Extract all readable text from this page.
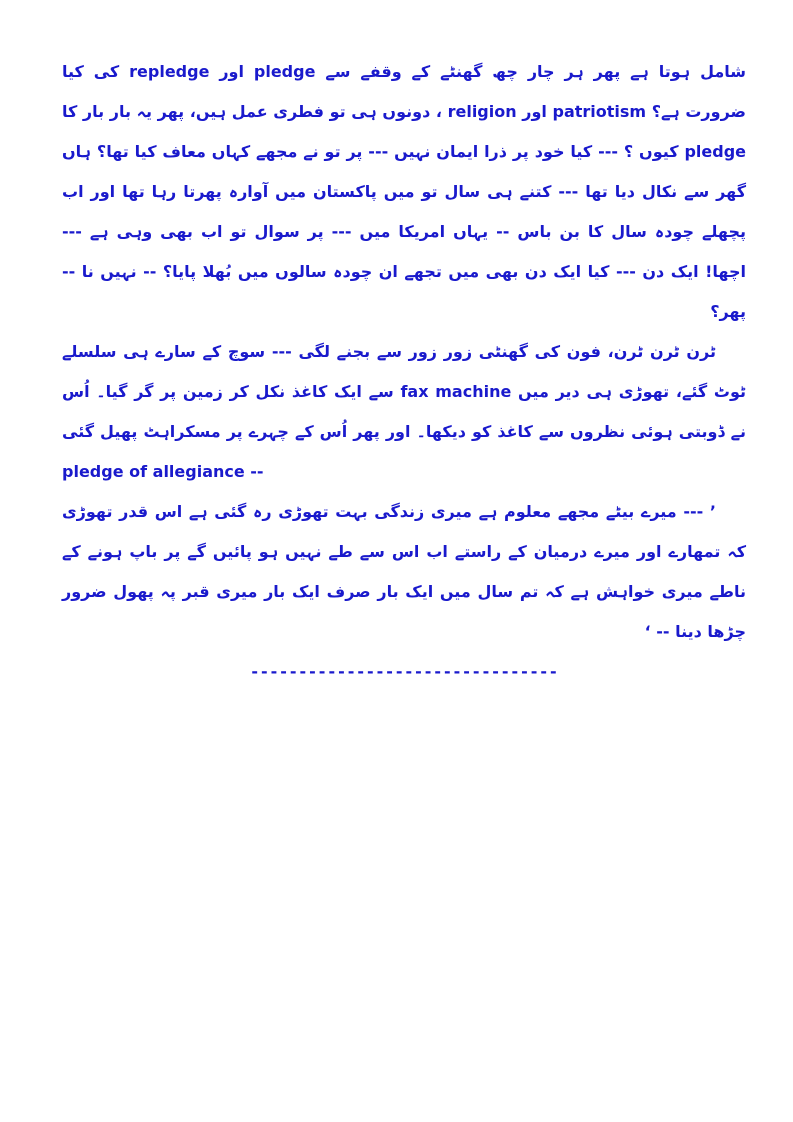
شامل ہوتا ہے پھر ہر چار چھ گھنٹے کے وقفے سے pledge اور repledge کی کیا ضرورت ہے؟ patriotism اور religion ، دونوں ہی تو فطری عمل ہیں، پھر یہ بار بار کا pledge کیوں ؟ --- کیا خود پر ذرا ایمان نہیں --- پر تو نے مجھے کہاں معاف کیا تھا؟ ہاں گھر سے نکال دیا تھا --- کتنے ہی سال تو میں پاکستان میں آوارہ پھرتا رہا تھا اور اب پچھلے چودہ سال کا بن باس -- یہاں امریکا میں --- پر سوال تو اب بھی وہی ہے --- اچھا! ایک دن --- کیا ایک دن بھی میں تجھے ان چودہ سالوں میں بُھلا پایا؟ -- نہیں نا -- پھر؟

ٹرن ٹرن ٹرن، فون کی گھنٹی زور زور سے بجنے لگی --- سوچ کے سارے ہی سلسلے ٹوٹ گئے، تھوڑی ہی دیر میں fax machine سے ایک کاغذ نکل کر زمین پر گر گیا۔ اُس نے ڈوبتی ہوئی نظروں سے کاغذ کو دیکھا۔ اور پھر اُس کے چہرے پر مسکراہٹ پھیل گئی -- pledge of allegiance

’ --- میرے بیٹے مجھے معلوم ہے میری زندگی بہت تھوڑی رہ گئی ہے اس قدر تھوڑی کہ تمھارے اور میرے درمیان کے راستے اب اس سے طے نہیں ہو پائیں گے پر باپ ہونے کے ناطے میری خواہش ہے کہ تم سال میں ایک بار صرف ایک بار میری قبر پہ پھول ضرور چڑھا دینا -- ‘

--------------------------------
